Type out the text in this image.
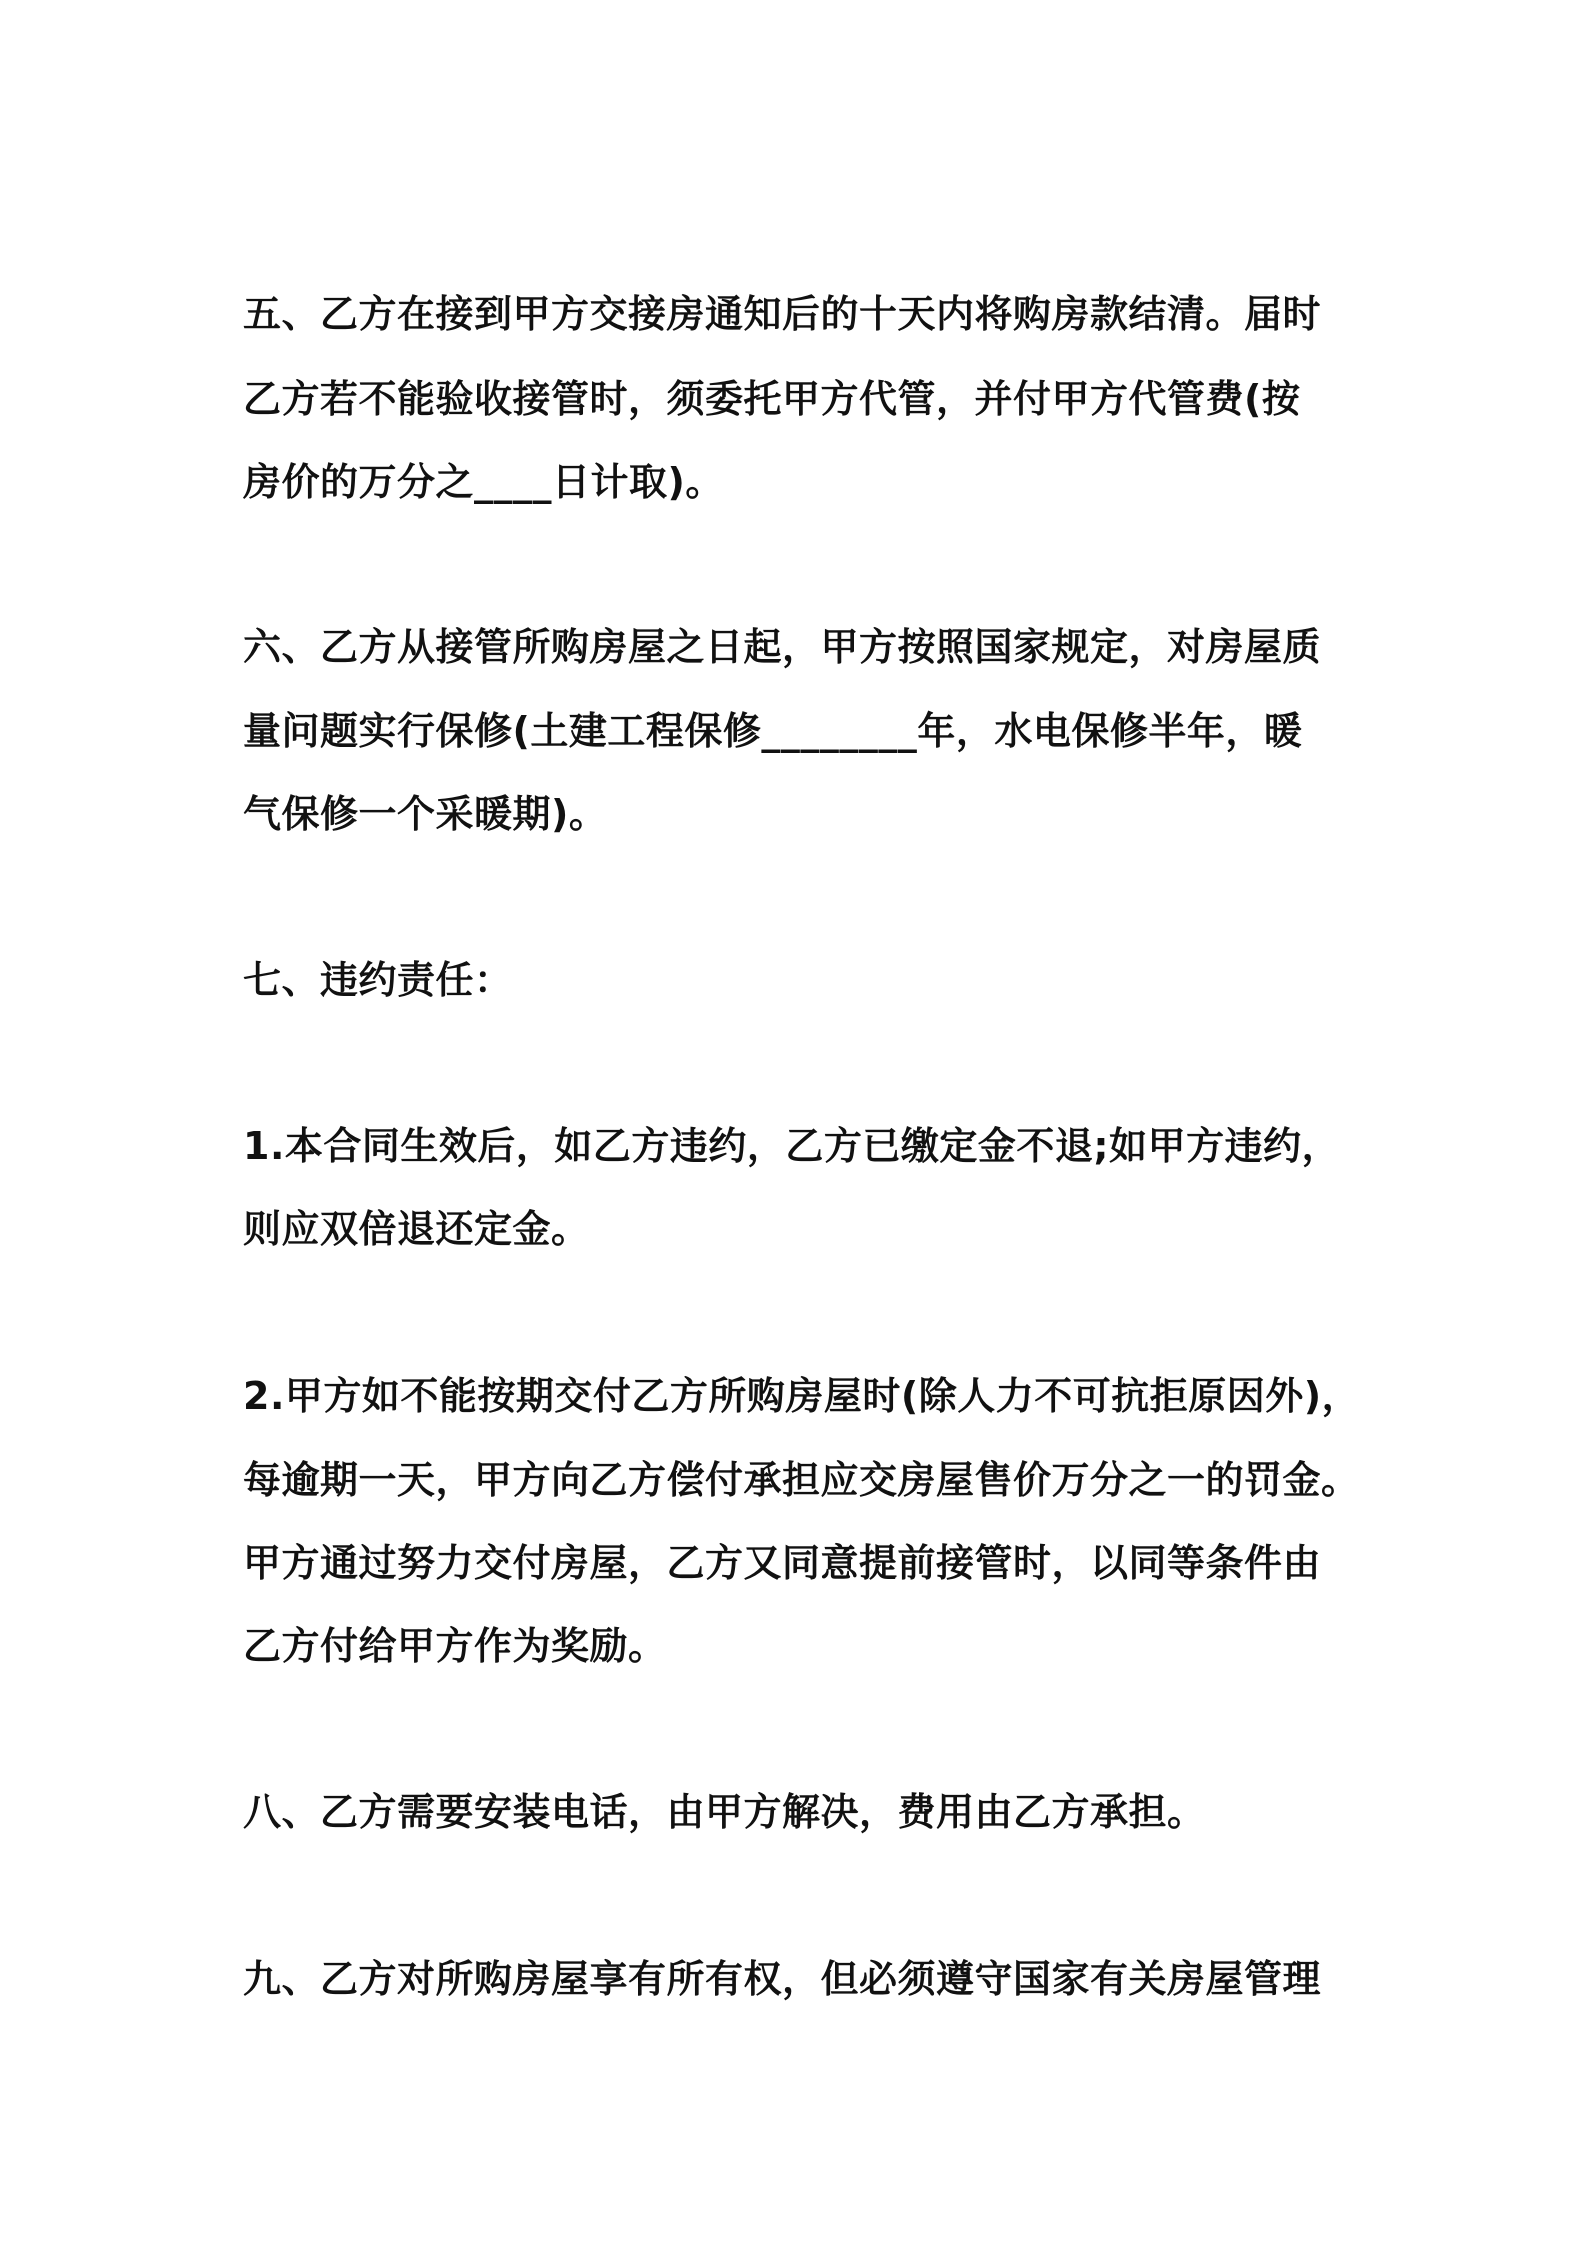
五、乙方在接到甲方交接房通知后的十天内将购房款结清。届时
乙方若不能验收接管时，须委托甲方代管，并付甲方代管费(按
房价的万分之____日计取)。
六、乙方从接管所购房屋之日起，甲方按照国家规定，对房屋质
量问题实行保修(土建工程保修________年，水电保修半年，暖
气保修一个采暖期)。
七、违约责任：
1.本合同生效后，如乙方违约，乙方已缴定金不退;如甲方违约，
则应双倍退还定金。
2.甲方如不能按期交付乙方所购房屋时(除人力不可抗拒原因外)，
每逾期一天，甲方向乙方偿付承担应交房屋售价万分之一的罚金。
甲方通过努力交付房屋，乙方又同意提前接管时，以同等条件由
乙方付给甲方作为奖励。
八、乙方需要安装电话，由甲方解决，费用由乙方承担。
九、乙方对所购房屋享有所有权，但必须遵守国家有关房屋管理
